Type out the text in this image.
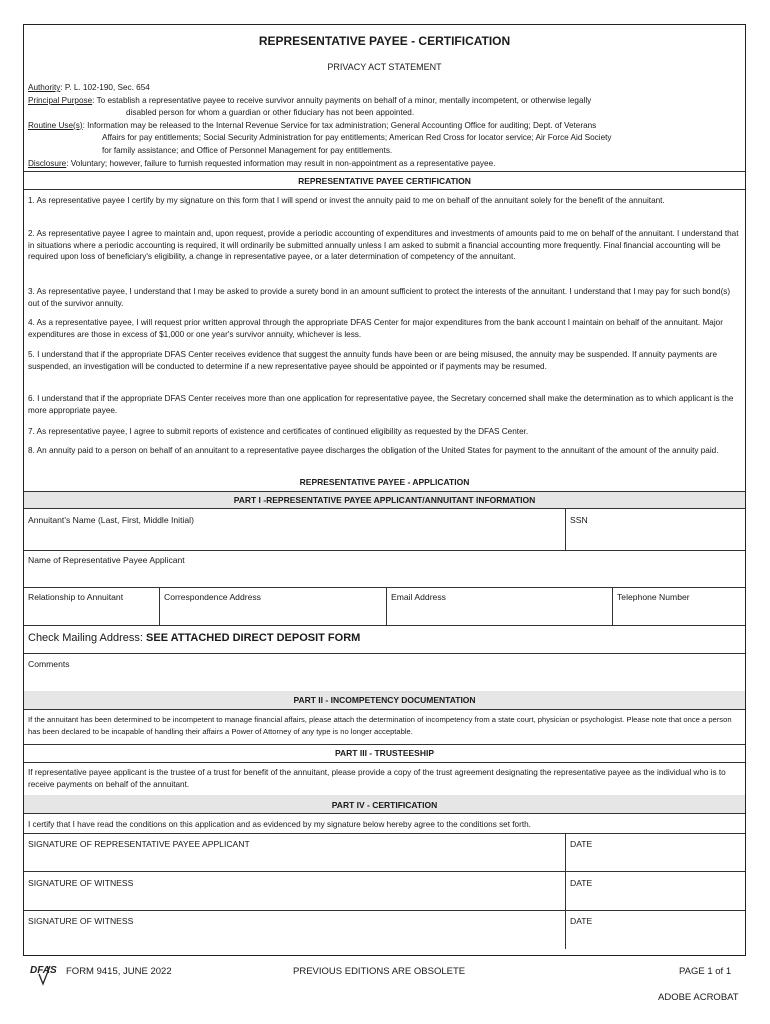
REPRESENTATIVE PAYEE - CERTIFICATION
PRIVACY ACT STATEMENT
Authority: P. L. 102-190, Sec. 654
Principal Purpose: To establish a representative payee to receive survivor annuity payments on behalf of a minor, mentally incompetent, or otherwise legally
disabled person for whom a guardian or other fiduciary has not been appointed.
Routine Use(s): Information may be released to the Internal Revenue Service for tax administration; General Accounting Office for auditing; Dept. of Veterans
Affairs for pay entitlements; Social Security Administration for pay entitlements; American Red Cross for locator service; Air Force Aid Society
for family assistance; and Office of Personnel Management for pay entitlements.
Disclosure: Voluntary; however, failure to furnish requested information may result in non-appointment as a representative payee.
REPRESENTATIVE PAYEE CERTIFICATION

1. As representative payee I certify by my signature on this form that I will spend or invest the annuity paid to me on behalf of the annuitant solely for the benefit of the annuitant.

2. As representative payee I agree to maintain and, upon request, provide a periodic accounting of expenditures and investments of amounts paid to me on behalf of the annuitant. I understand that in situations where a periodic accounting is required, it will ordinarily be submitted annually unless I am asked to submit a financial accounting more frequently. Final financial accounting will be required upon loss of beneficiary's eligibility, a change in representative payee, or a later determination of competency of the annuitant.

3. As representative payee, I understand that I may be asked to provide a surety bond in an amount sufficient to protect the interests of the annuitant. I understand that I may pay for such bond(s) out of the survivor annuity.

4. As a representative payee, I will request prior written approval through the appropriate DFAS Center for major expenditures from the bank account I maintain on behalf of the annuitant. Major expenditures are those in excess of $1,000 or one year's survivor annuity, whichever is less.

5. I understand that if the appropriate DFAS Center receives evidence that suggest the annuity funds have been or are being misused, the annuity may be suspended. If annuity payments are suspended, an investigation will be conducted to determine if a new representative payee should be appointed or if payments may be resumed.

6. I understand that if the appropriate DFAS Center receives more than one application for representative payee, the Secretary concerned shall make the determination as to which applicant is the more appropriate payee.

7. As representative payee, I agree to submit reports of existence and certificates of continued eligibility as requested by the DFAS Center.

8. An annuity paid to a person on behalf of an annuitant to a representative payee discharges the obligation of the United States for payment to the annuitant of the amount of the annuity paid.

REPRESENTATIVE PAYEE - APPLICATION
PART I -REPRESENTATIVE PAYEE APPLICANT/ANNUITANT INFORMATION
Annuitant's Name (Last, First, Middle Initial)	SSN
Name of Representative Payee Applicant
Relationship to Annuitant	Correspondence Address	Email Address	Telephone Number
Check Mailing Address: SEE ATTACHED DIRECT DEPOSIT FORM
Comments
PART II - INCOMPETENCY DOCUMENTATION

If the annuitant has been determined to be incompetent to manage financial affairs, please attach the determination of incompetency from a state court, physician or psychologist. Please note that once a person has been declared to be incapable of handling their affairs a Power of Attorney of any type is no longer acceptable.

PART III - TRUSTEESHIP

If representative payee applicant is the trustee of a trust for benefit of the annuitant, please provide a copy of the trust agreement designating the representative payee as the individual who is to receive payments on behalf of the annuitant.

PART IV - CERTIFICATION

I certify that I have read the conditions on this application and as evidenced by my signature below hereby agree to the conditions set forth.

SIGNATURE OF REPRESENTATIVE PAYEE APPLICANT	DATE
SIGNATURE OF WITNESS	DATE
SIGNATURE OF WITNESS	DATE
DFAS FORM 9415, JUNE 2022	PREVIOUS EDITIONS ARE OBSOLETE	PAGE 1 of 1
ADOBE ACROBAT
